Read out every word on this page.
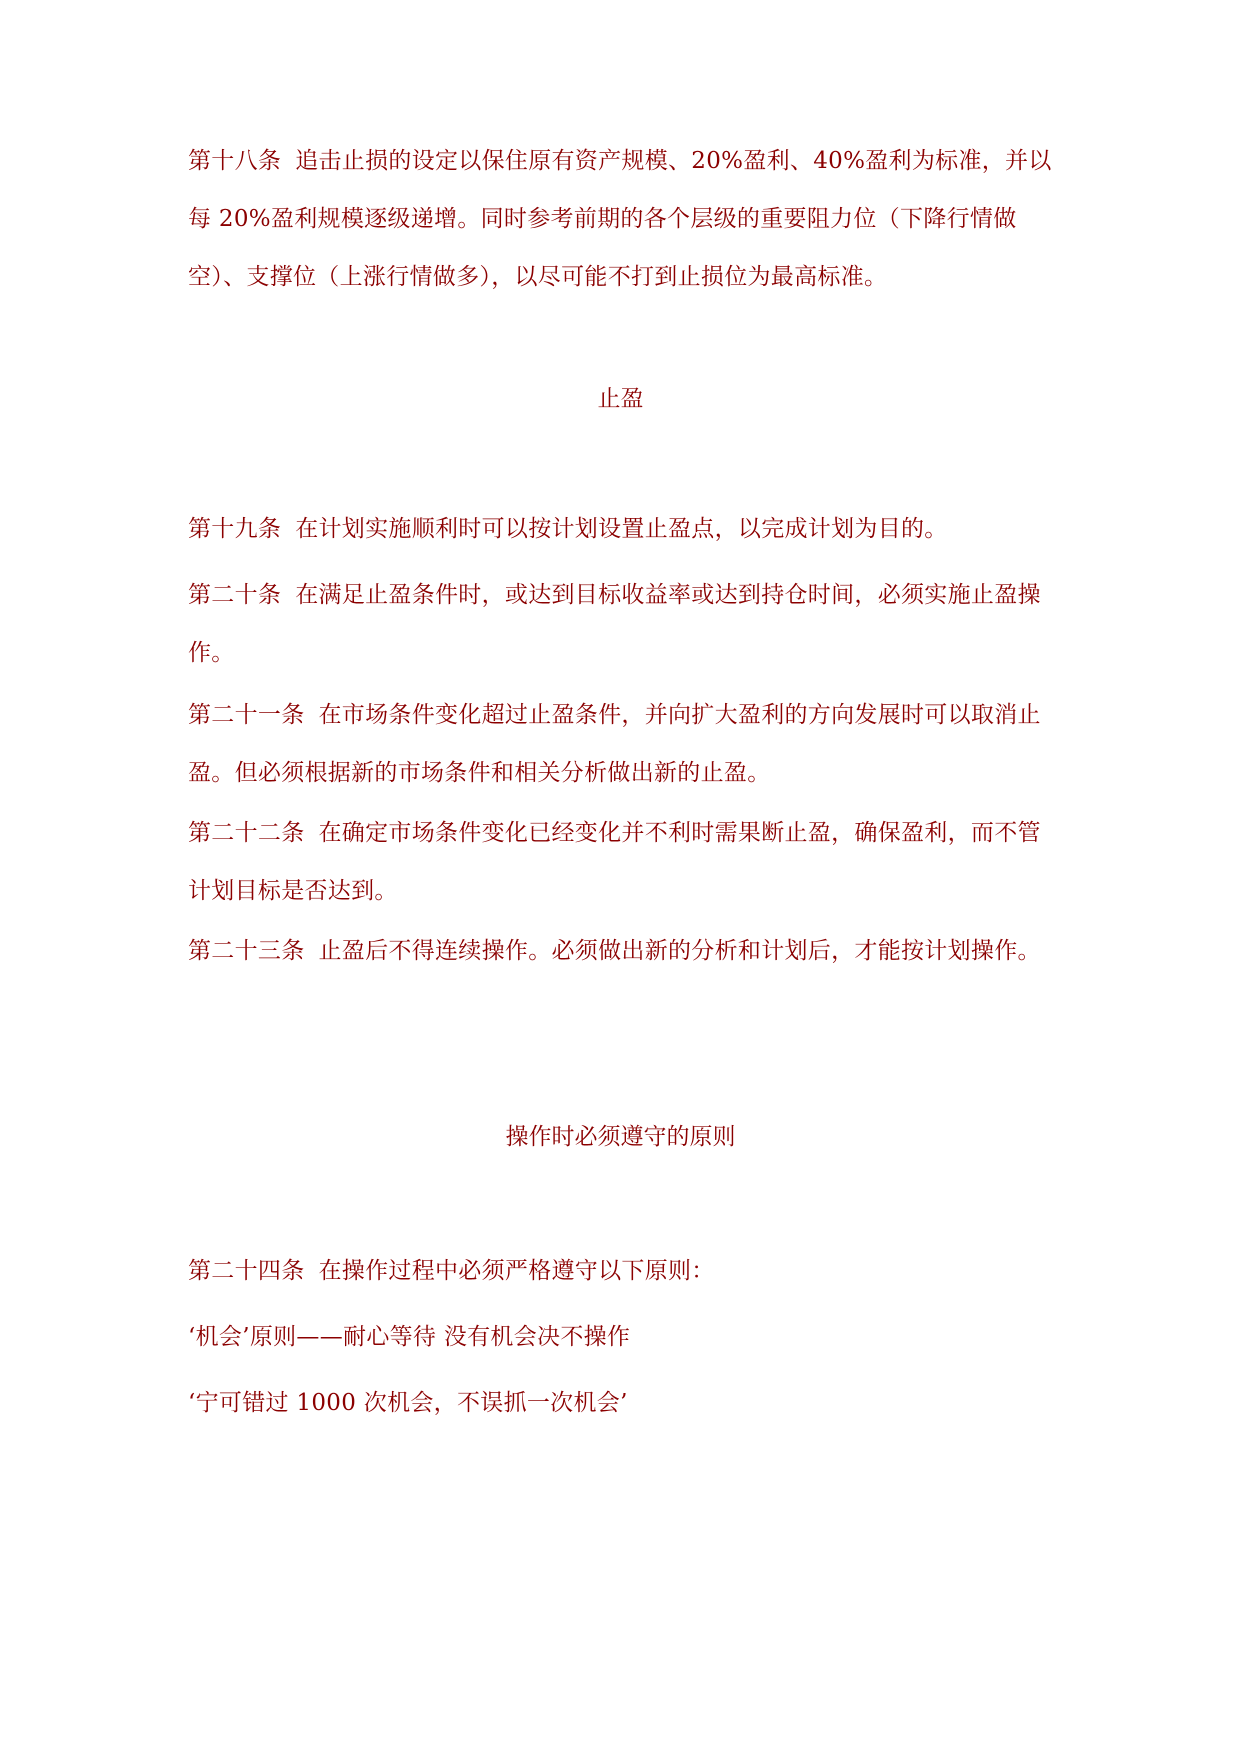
第十八条 追击止损的设定以保住原有资产规模、20%盈利、40%盈利为标准，并以每 20%盈利规模逐级递增。同时参考前期的各个层级的重要阻力位（下降行情做空）、支撑位（上涨行情做多），以尽可能不打到止损位为最高标准。

止盈

第十九条 在计划实施顺利时可以按计划设置止盈点，以完成计划为目的。

第二十条 在满足止盈条件时，或达到目标收益率或达到持仓时间，必须实施止盈操作。

第二十一条 在市场条件变化超过止盈条件，并向扩大盈利的方向发展时可以取消止盈。但必须根据新的市场条件和相关分析做出新的止盈。

第二十二条 在确定市场条件变化已经变化并不利时需果断止盈，确保盈利，而不管计划目标是否达到。

第二十三条 止盈后不得连续操作。必须做出新的分析和计划后，才能按计划操作。

操作时必须遵守的原则

第二十四条 在操作过程中必须严格遵守以下原则：

‘机会’原则——耐心等待 没有机会决不操作

‘宁可错过 1000 次机会，不误抓一次机会’
